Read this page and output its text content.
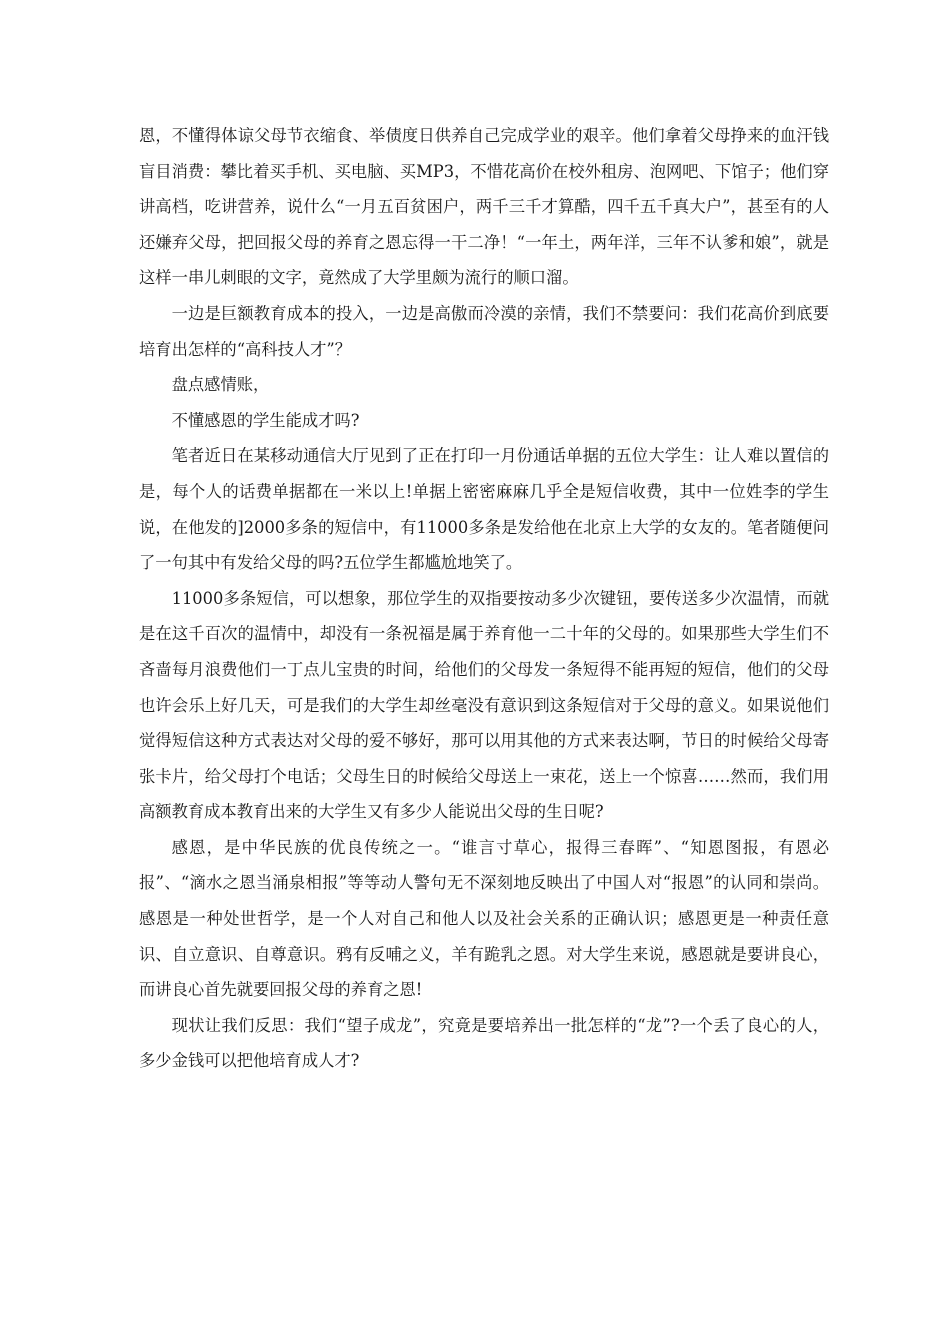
恩，不懂得体谅父母节衣缩食、举债度日供养自己完成学业的艰辛。他们拿着父母挣来的血汗钱盲目消费：攀比着买手机、买电脑、买MP3，不惜花高价在校外租房、泡网吧、下馆子；他们穿讲高档，吃讲营养，说什么“一月五百贫困户，两千三千才算酷，四千五千真大户”，甚至有的人还嫌弃父母，把回报父母的养育之恩忘得一干二净！“一年土，两年洋，三年不认爹和娘”，就是这样一串儿刺眼的文字，竟然成了大学里颇为流行的顺口溜。

一边是巨额教育成本的投入，一边是高傲而冷漠的亲情，我们不禁要问：我们花高价到底要培育出怎样的“高科技人才”？

盘点感情账，

不懂感恩的学生能成才吗?

笔者近日在某移动通信大厅见到了正在打印一月份通话单据的五位大学生：让人难以置信的是，每个人的话费单据都在一米以上!单据上密密麻麻几乎全是短信收费，其中一位姓李的学生说，在他发的]2000多条的短信中，有11000多条是发给他在北京上大学的女友的。笔者随便问了一句其中有发给父母的吗?五位学生都尴尬地笑了。

11000多条短信，可以想象，那位学生的双指要按动多少次键钮，要传送多少次温情，而就是在这千百次的温情中，却没有一条祝福是属于养育他一二十年的父母的。如果那些大学生们不吝啬每月浪费他们一丁点儿宝贵的时间，给他们的父母发一条短得不能再短的短信，他们的父母也许会乐上好几天，可是我们的大学生却丝毫没有意识到这条短信对于父母的意义。如果说他们觉得短信这种方式表达对父母的爱不够好，那可以用其他的方式来表达啊，节日的时候给父母寄张卡片，给父母打个电话；父母生日的时候给父母送上一束花，送上一个惊喜……然而，我们用高额教育成本教育出来的大学生又有多少人能说出父母的生日呢?

感恩，是中华民族的优良传统之一。“谁言寸草心，报得三春晖”、“知恩图报，有恩必报”、“滴水之恩当涌泉相报”等等动人警句无不深刻地反映出了中国人对“报恩”的认同和崇尚。感恩是一种处世哲学，是一个人对自己和他人以及社会关系的正确认识；感恩更是一种责任意识、自立意识、自尊意识。鸦有反哺之义，羊有跪乳之恩。对大学生来说，感恩就是要讲良心，而讲良心首先就要回报父母的养育之恩!

现状让我们反思：我们“望子成龙”，究竟是要培养出一批怎样的“龙”?一个丢了良心的人，多少金钱可以把他培育成人才?
